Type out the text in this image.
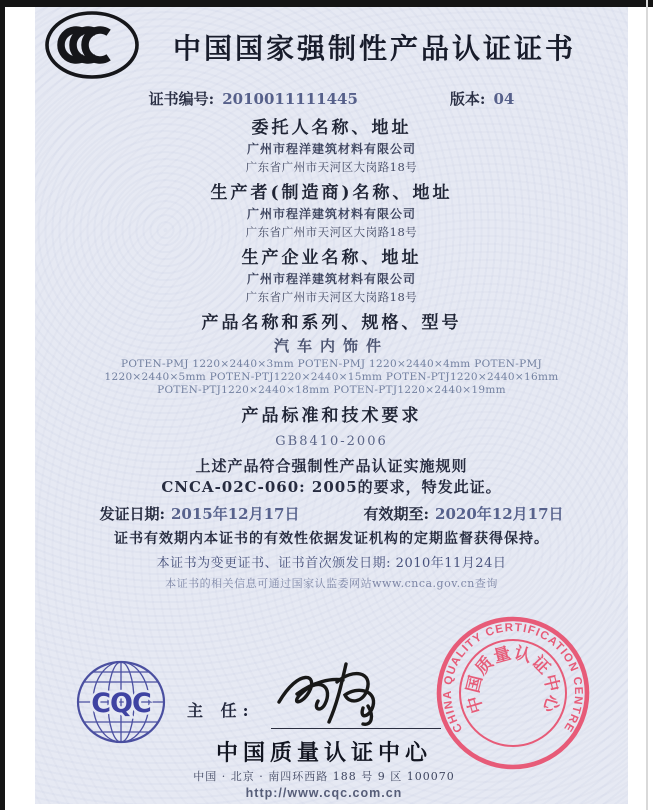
中国国家强制性产品认证证书
证书编号: 2010011111445	版本: 04
委托人名称、地址
广州市程洋建筑材料有限公司
广东省广州市天河区大岗路18号
生产者(制造商)名称、地址
广州市程洋建筑材料有限公司
广东省广州市天河区大岗路18号
生产企业名称、地址
广州市程洋建筑材料有限公司
广东省广州市天河区大岗路18号
产品名称和系列、规格、型号
汽车内饰件
POTEN-PMJ 1220×2440×3mm POTEN-PMJ 1220×2440×4mm POTEN-PMJ 1220×2440×5mm POTEN-PTJ1220×2440×15mm POTEN-PTJ1220×2440×16mm POTEN-PTJ1220×2440×18mm POTEN-PTJ1220×2440×19mm
产品标准和技术要求
GB8410-2006
上述产品符合强制性产品认证实施规则
CNCA-02C-060: 2005的要求，特发此证。
发证日期: 2015年12月17日	有效期至: 2020年12月17日
证书有效期内本证书的有效性依据发证机构的定期监督获得保持。
本证书为变更证书、证书首次颁发日期: 2010年11月24日
本证书的相关信息可通过国家认监委网站www.cnca.gov.cn查询
CQC 主 任:
中国质量认证中心
CHINA QUALITY CERTIFICATION CENTRE
中国质量认证中心
中国 · 北京 · 南四环西路 188 号 9 区 100070
http://www.cqc.com.cn
